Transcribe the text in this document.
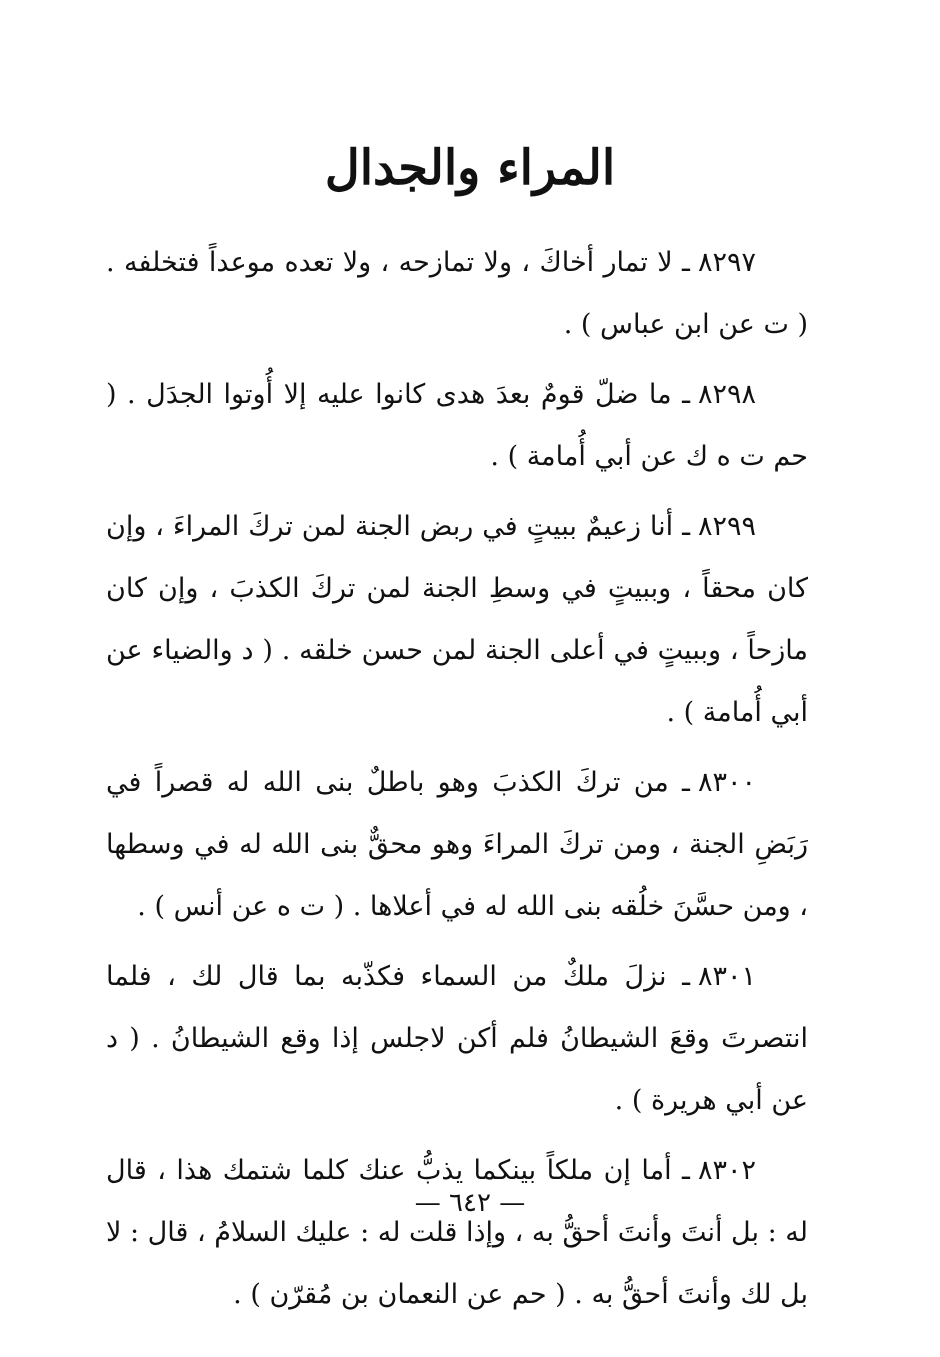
المراء والجدال

٨٢٩٧ـ لا تمار أخاكَ ، ولا تمازحه ، ولا تعده موعداً فتخلفه . ( ت عن ابن عباس ) .

٨٢٩٨ـ ما ضلّ قومٌ بعدَ هدى كانوا عليه إلا أُوتوا الجدَل . ( حم ت ه ك عن أبي أُمامة ) .

٨٢٩٩ـ أنا زعيمٌ ببيتٍ في ربض الجنة لمن تركَ المراءَ ، وإن كان محقاً ، وببيتٍ في وسطِ الجنة لمن تركَ الكذبَ ، وإن كان مازحاً ، وببيتٍ في أعلى الجنة لمن حسن خلقه . ( د والضياء عن أبي أُمامة ) .

٨٣٠٠ـ من تركَ الكذبَ وهو باطلٌ بنى الله له قصراً في رَبَضِ الجنة ، ومن تركَ المراءَ وهو محقٌّ بنى الله له في وسطها ، ومن حسَّنَ خلُقه بنى الله له في أعلاها . ( ت ه عن أنس ) .

٨٣٠١ـ نزلَ ملكٌ من السماء فكذّبه بما قال لك ، فلما انتصرتَ وقعَ الشيطانُ فلم أكن لاجلس إذا وقع الشيطانُ . ( د عن أبي هريرة ) .

٨٣٠٢ـ أما إن ملكاً بينكما يذبُّ عنك كلما شتمك هذا ، قال له : بل أنتَ وأنتَ أحقُّ به ، وإذا قلت له : عليك السلامُ ، قال : لا بل لك وأنتَ أحقُّ به . ( حم عن النعمان بن مُقرّن ) .

— ٦٤٢ —
